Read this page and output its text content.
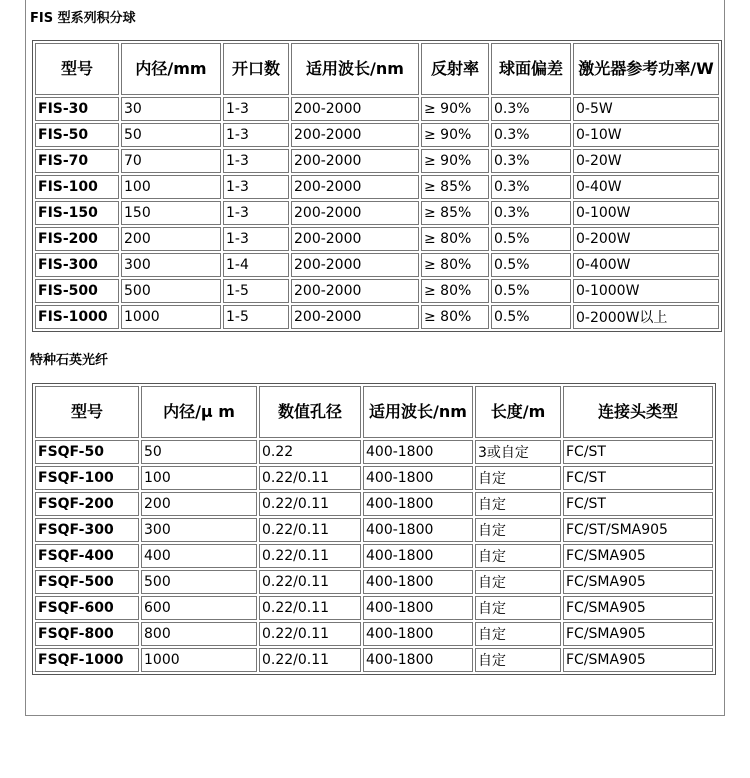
FIS 型系列积分球
型号	内径/mm	开口数	适用波长/nm	反射率	球面偏差	激光器参考功率/W
FIS-30	30	1-3	200-2000	≥ 90%	0.3%	0-5W
FIS-50	50	1-3	200-2000	≥ 90%	0.3%	0-10W
FIS-70	70	1-3	200-2000	≥ 90%	0.3%	0-20W
FIS-100	100	1-3	200-2000	≥ 85%	0.3%	0-40W
FIS-150	150	1-3	200-2000	≥ 85%	0.3%	0-100W
FIS-200	200	1-3	200-2000	≥ 80%	0.5%	0-200W
FIS-300	300	1-4	200-2000	≥ 80%	0.5%	0-400W
FIS-500	500	1-5	200-2000	≥ 80%	0.5%	0-1000W
FIS-1000	1000	1-5	200-2000	≥ 80%	0.5%	0-2000W以上
特种石英光纤
型号	内径/μ m	数值孔径	适用波长/nm	长度/m	连接头类型
FSQF-50	50	0.22	400-1800	3或自定	FC/ST
FSQF-100	100	0.22/0.11	400-1800	自定	FC/ST
FSQF-200	200	0.22/0.11	400-1800	自定	FC/ST
FSQF-300	300	0.22/0.11	400-1800	自定	FC/ST/SMA905
FSQF-400	400	0.22/0.11	400-1800	自定	FC/SMA905
FSQF-500	500	0.22/0.11	400-1800	自定	FC/SMA905
FSQF-600	600	0.22/0.11	400-1800	自定	FC/SMA905
FSQF-800	800	0.22/0.11	400-1800	自定	FC/SMA905
FSQF-1000	1000	0.22/0.11	400-1800	自定	FC/SMA905
